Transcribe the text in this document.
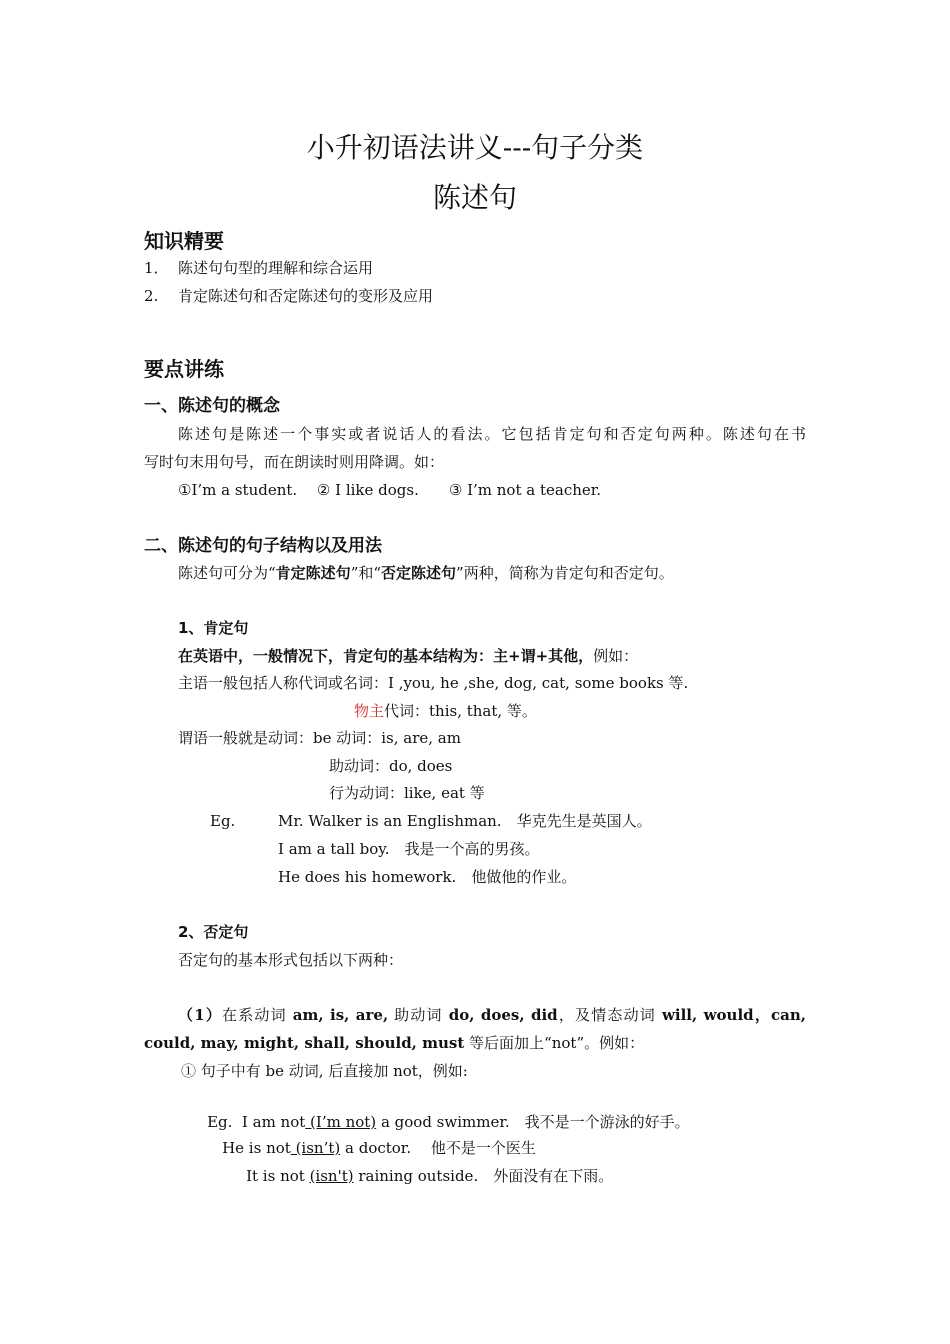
小升初语法讲义---句子分类
陈述句
知识精要
1． 陈述句句型的理解和综合运用
2. 肯定陈述句和否定陈述句的变形及应用
要点讲练
一、陈述句的概念
陈述句是陈述一个事实或者说话人的看法。它包括肯定句和否定句两种。陈述句在书
写时句末用句号，而在朗读时则用降调。如：
①I’m a student.　 ② I like dogs.　　③ I’m not a teacher.
二、陈述句的句子结构以及用法
陈述句可分为“肯定陈述句”和“否定陈述句”两种，简称为肯定句和否定句。
1、肯定句
在英语中，一般情况下，肯定句的基本结构为：主+谓+其他，例如：
主语一般包括人称代词或名词：I ,you, he ,she, dog, cat, some books 等.
物主代词：this, that, 等。
谓语一般就是动词：be 动词：is, are, am
助动词：do, does
行为动词：like, eat 等
Eg.	Mr. Walker is an Englishman.　华克先生是英国人。
I am a tall boy.　我是一个高的男孩。
He does his homework.　他做他的作业。
2、否定句
否定句的基本形式包括以下两种：
（1）在系动词 am, is, are, 助动词 do, does, did，及情态动词 will, would，can,
could, may, might, shall, should, must 等后面加上“not”。例如：
① 句子中有 be 动词, 后直接加 not，例如:

Eg.  I am not (I’m not) a good swimmer.　我不是一个游泳的好手。

He is not (isn’t) a doctor.　 他不是一个医生

It is not (isn't) raining outside.　外面没有在下雨。
